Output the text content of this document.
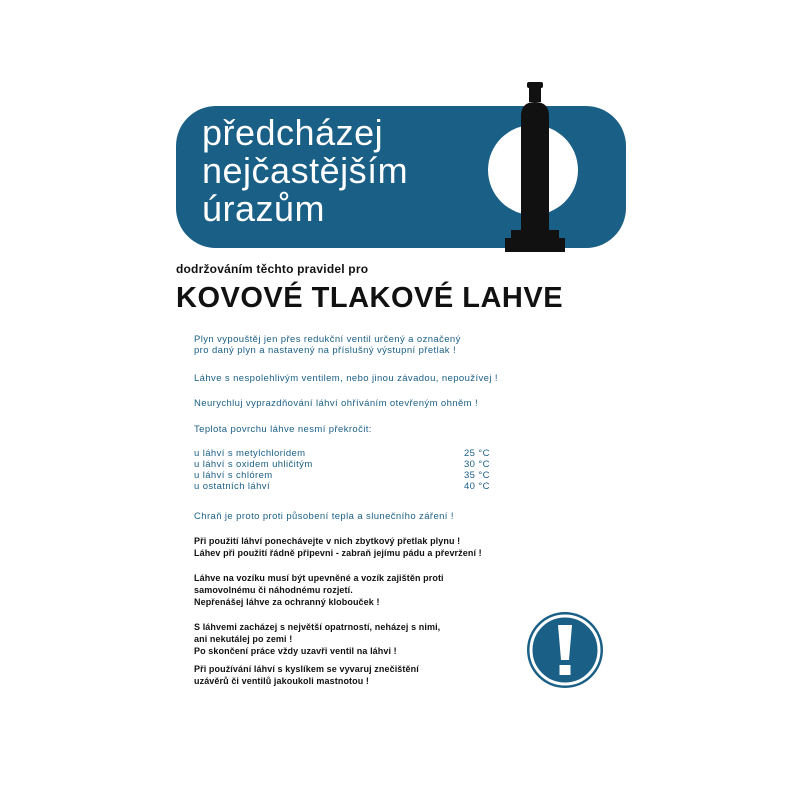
předcházej
nejčastějším
úrazům

dodržováním těchto pravidel pro

KOVOVÉ TLAKOVÉ LAHVE

Plyn vypouštěj jen přes redukční ventil určený a označený

pro daný plyn a nastavený na příslušný výstupní přetlak !

Láhve s nespolehlivým ventilem, nebo jinou závadou, nepoužívej !

Neurychluj vyprazdňování láhví ohříváním otevřeným ohněm !

Teplota povrchu láhve nesmí překročit:

u láhví s metylchloridem	25 °C
u láhví s oxidem uhličitým	30 °C
u láhví s chlórem	35 °C
u ostatních láhví	40 °C

Chraň je proto proti působení tepla a slunečního záření !

Při použití láhví ponechávejte v nich zbytkový přetlak plynu !

Láhev při použití řádně připevni - zabraň jejímu pádu a převržení !

Láhve na vozíku musí být upevněné a vozík zajištěn proti

samovolnému či náhodnému rozjetí.

Nepřenášej láhve za ochranný klobouček !

S láhvemi zacházej s největší opatrností, neházej s nimi,

ani nekutálej po zemi !

Po skončení práce vždy uzavři ventil na láhvi !

Při používání láhví s kyslíkem se vyvaruj znečištění

uzávěrů či ventilů jakoukoli mastnotou !
